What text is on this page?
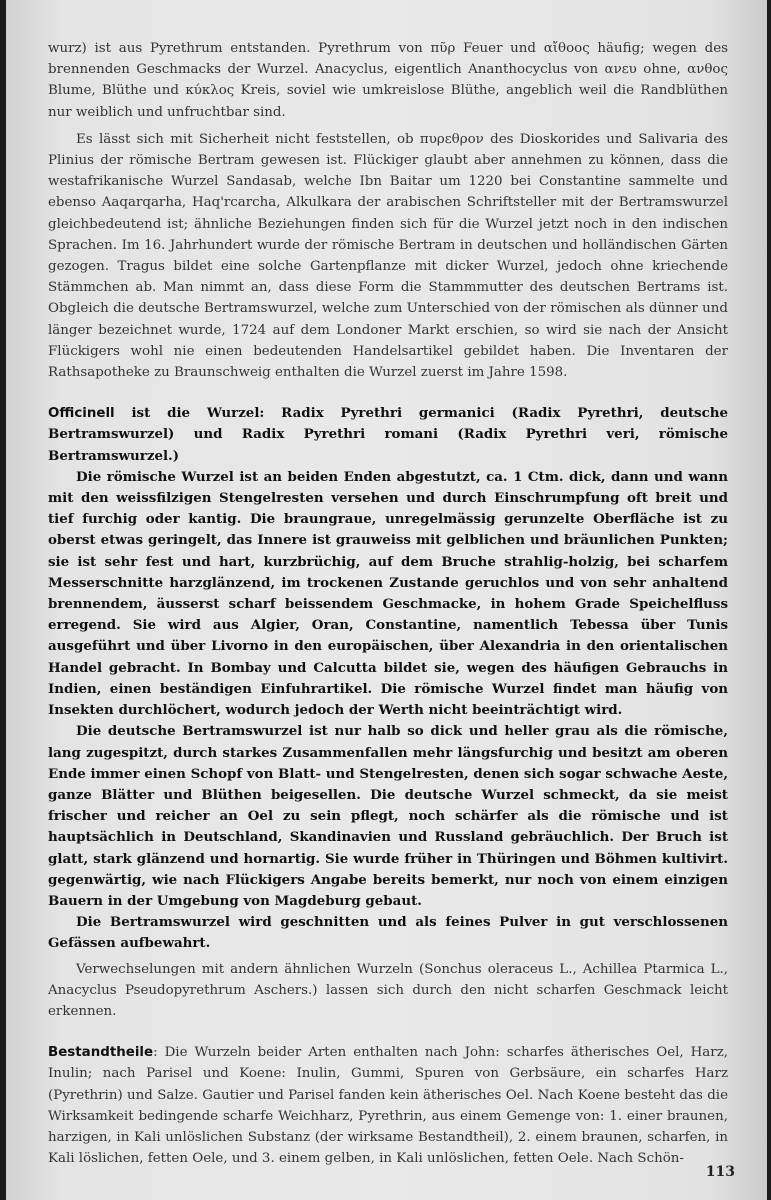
wurz) ist aus Pyrethrum entstanden. Pyrethrum von πῦρ Feuer und αἴθοος häufig; wegen des brennenden Geschmacks der Wurzel. Anacyclus, eigentlich Ananthocyclus von ανευ ohne, ανθος Blume, Blüthe und κύκλος Kreis, soviel wie umkreislose Blüthe, angeblich weil die Randblüthen nur weiblich und unfruchtbar sind.

Es lässt sich mit Sicherheit nicht feststellen, ob πυρεθρον des Dioskorides und Salivaria des Plinius der römische Bertram gewesen ist. Flückiger glaubt aber annehmen zu können, dass die westafrikanische Wurzel Sandasab, welche Ibn Baitar um 1220 bei Constantine sammelte und ebenso Aaqarqarha, Haq'rcarcha, Alkulkara der arabischen Schriftsteller mit der Bertramswurzel gleichbedeutend ist; ähnliche Beziehungen finden sich für die Wurzel jetzt noch in den indischen Sprachen. Im 16. Jahrhundert wurde der römische Bertram in deutschen und holländischen Gärten gezogen. Tragus bildet eine solche Gartenpflanze mit dicker Wurzel, jedoch ohne kriechende Stämmchen ab. Man nimmt an, dass diese Form die Stammmutter des deutschen Bertrams ist. Obgleich die deutsche Bertramswurzel, welche zum Unterschied von der römischen als dünner und länger bezeichnet wurde, 1724 auf dem Londoner Markt erschien, so wird sie nach der Ansicht Flückigers wohl nie einen bedeutenden Handelsartikel gebildet haben. Die Inventaren der Rathsapotheke zu Braunschweig enthalten die Wurzel zuerst im Jahre 1598.

Officinell ist die Wurzel: Radix Pyrethri germanici (Radix Pyrethri, deutsche Bertramswurzel) und Radix Pyrethri romani (Radix Pyrethri veri, römische Bertramswurzel.)

Die römische Wurzel ist an beiden Enden abgestutzt, ca. 1 Ctm. dick, dann und wann mit den weissfilzigen Stengelresten versehen und durch Einschrumpfung oft breit und tief furchig oder kantig. Die braungraue, unregelmässig gerunzelte Oberfläche ist zu oberst etwas geringelt, das Innere ist grauweiss mit gelblichen und bräunlichen Punkten; sie ist sehr fest und hart, kurzbrüchig, auf dem Bruche strahlig-holzig, bei scharfem Messerschnitte harzglänzend, im trockenen Zustande geruchlos und von sehr anhaltend brennendem, äusserst scharf beissendem Geschmacke, in hohem Grade Speichelfluss erregend. Sie wird aus Algier, Oran, Constantine, namentlich Tebessa über Tunis ausgeführt und über Livorno in den europäischen, über Alexandria in den orientalischen Handel gebracht. In Bombay und Calcutta bildet sie, wegen des häufigen Gebrauchs in Indien, einen beständigen Einfuhrartikel. Die römische Wurzel findet man häufig von Insekten durchlöchert, wodurch jedoch der Werth nicht beeinträchtigt wird.

Die deutsche Bertramswurzel ist nur halb so dick und heller grau als die römische, lang zugespitzt, durch starkes Zusammenfallen mehr längsfurchig und besitzt am oberen Ende immer einen Schopf von Blatt- und Stengelresten, denen sich sogar schwache Aeste, ganze Blätter und Blüthen beigesellen. Die deutsche Wurzel schmeckt, da sie meist frischer und reicher an Oel zu sein pflegt, noch schärfer als die römische und ist hauptsächlich in Deutschland, Skandinavien und Russland gebräuchlich. Der Bruch ist glatt, stark glänzend und hornartig. Sie wurde früher in Thüringen und Böhmen kultivirt. gegenwärtig, wie nach Flückigers Angabe bereits bemerkt, nur noch von einem einzigen Bauern in der Umgebung von Magdeburg gebaut.

Die Bertramswurzel wird geschnitten und als feines Pulver in gut verschlossenen Gefässen aufbewahrt.

Verwechselungen mit andern ähnlichen Wurzeln (Sonchus oleraceus L., Achillea Ptarmica L., Anacyclus Pseudopyrethrum Aschers.) lassen sich durch den nicht scharfen Geschmack leicht erkennen.

Bestandtheile: Die Wurzeln beider Arten enthalten nach John: scharfes ätherisches Oel, Harz, Inulin; nach Parisel und Koene: Inulin, Gummi, Spuren von Gerbsäure, ein scharfes Harz (Pyrethrin) und Salze. Gautier und Parisel fanden kein ätherisches Oel. Nach Koene besteht das die Wirksamkeit bedingende scharfe Weichharz, Pyrethrin, aus einem Gemenge von: 1. einer braunen, harzigen, in Kali unlöslichen Substanz (der wirksame Bestandtheil), 2. einem braunen, scharfen, in Kali löslichen, fetten Oele, und 3. einem gelben, in Kali unlöslichen, fetten Oele. Nach Schön-

113
